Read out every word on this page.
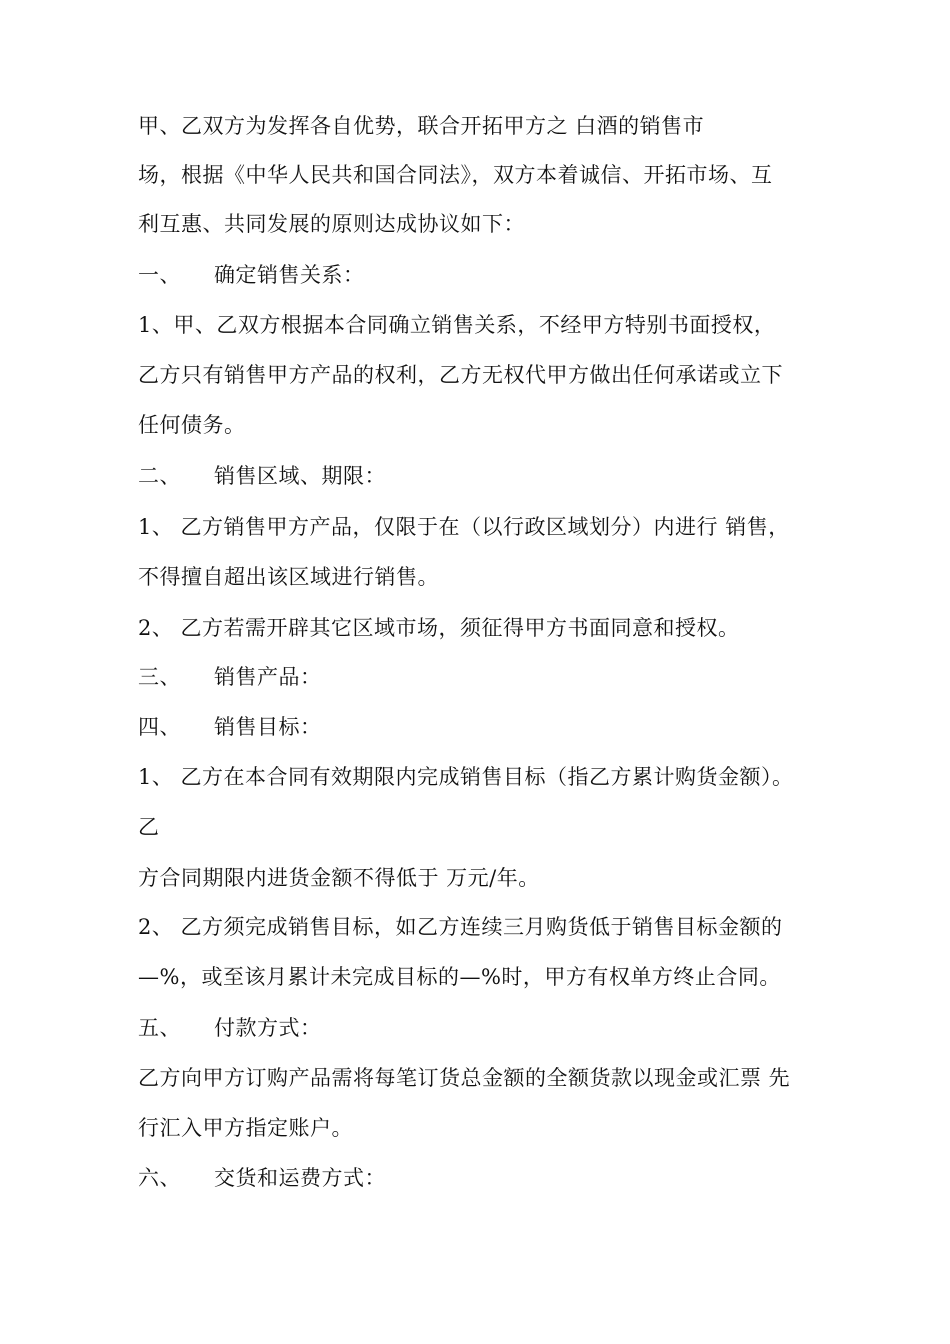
甲、乙双方为发挥各自优势，联合开拓甲方之 白酒的销售市
场，根据《中华人民共和国合同法》，双方本着诚信、开拓市场、互
利互惠、共同发展的原则达成协议如下：
一、 确定销售关系：
1、甲、乙双方根据本合同确立销售关系，不经甲方特别书面授权，
乙方只有销售甲方产品的权利，乙方无权代甲方做出任何承诺或立下
任何债务。
二、 销售区域、期限：
1、 乙方销售甲方产品，仅限于在（以行政区域划分）内进行 销售，
不得擅自超出该区域进行销售。
2、 乙方若需开辟其它区域市场，须征得甲方书面同意和授权。
三、 销售产品：
四、 销售目标：
1、 乙方在本合同有效期限内完成销售目标（指乙方累计购货金额）。
乙
方合同期限内进货金额不得低于 万元/年。
2、 乙方须完成销售目标，如乙方连续三月购货低于销售目标金额的
—%，或至该月累计未完成目标的—%时，甲方有权单方终止合同。
五、 付款方式：
乙方向甲方订购产品需将每笔订货总金额的全额货款以现金或汇票 先
行汇入甲方指定账户。
六、 交货和运费方式：
